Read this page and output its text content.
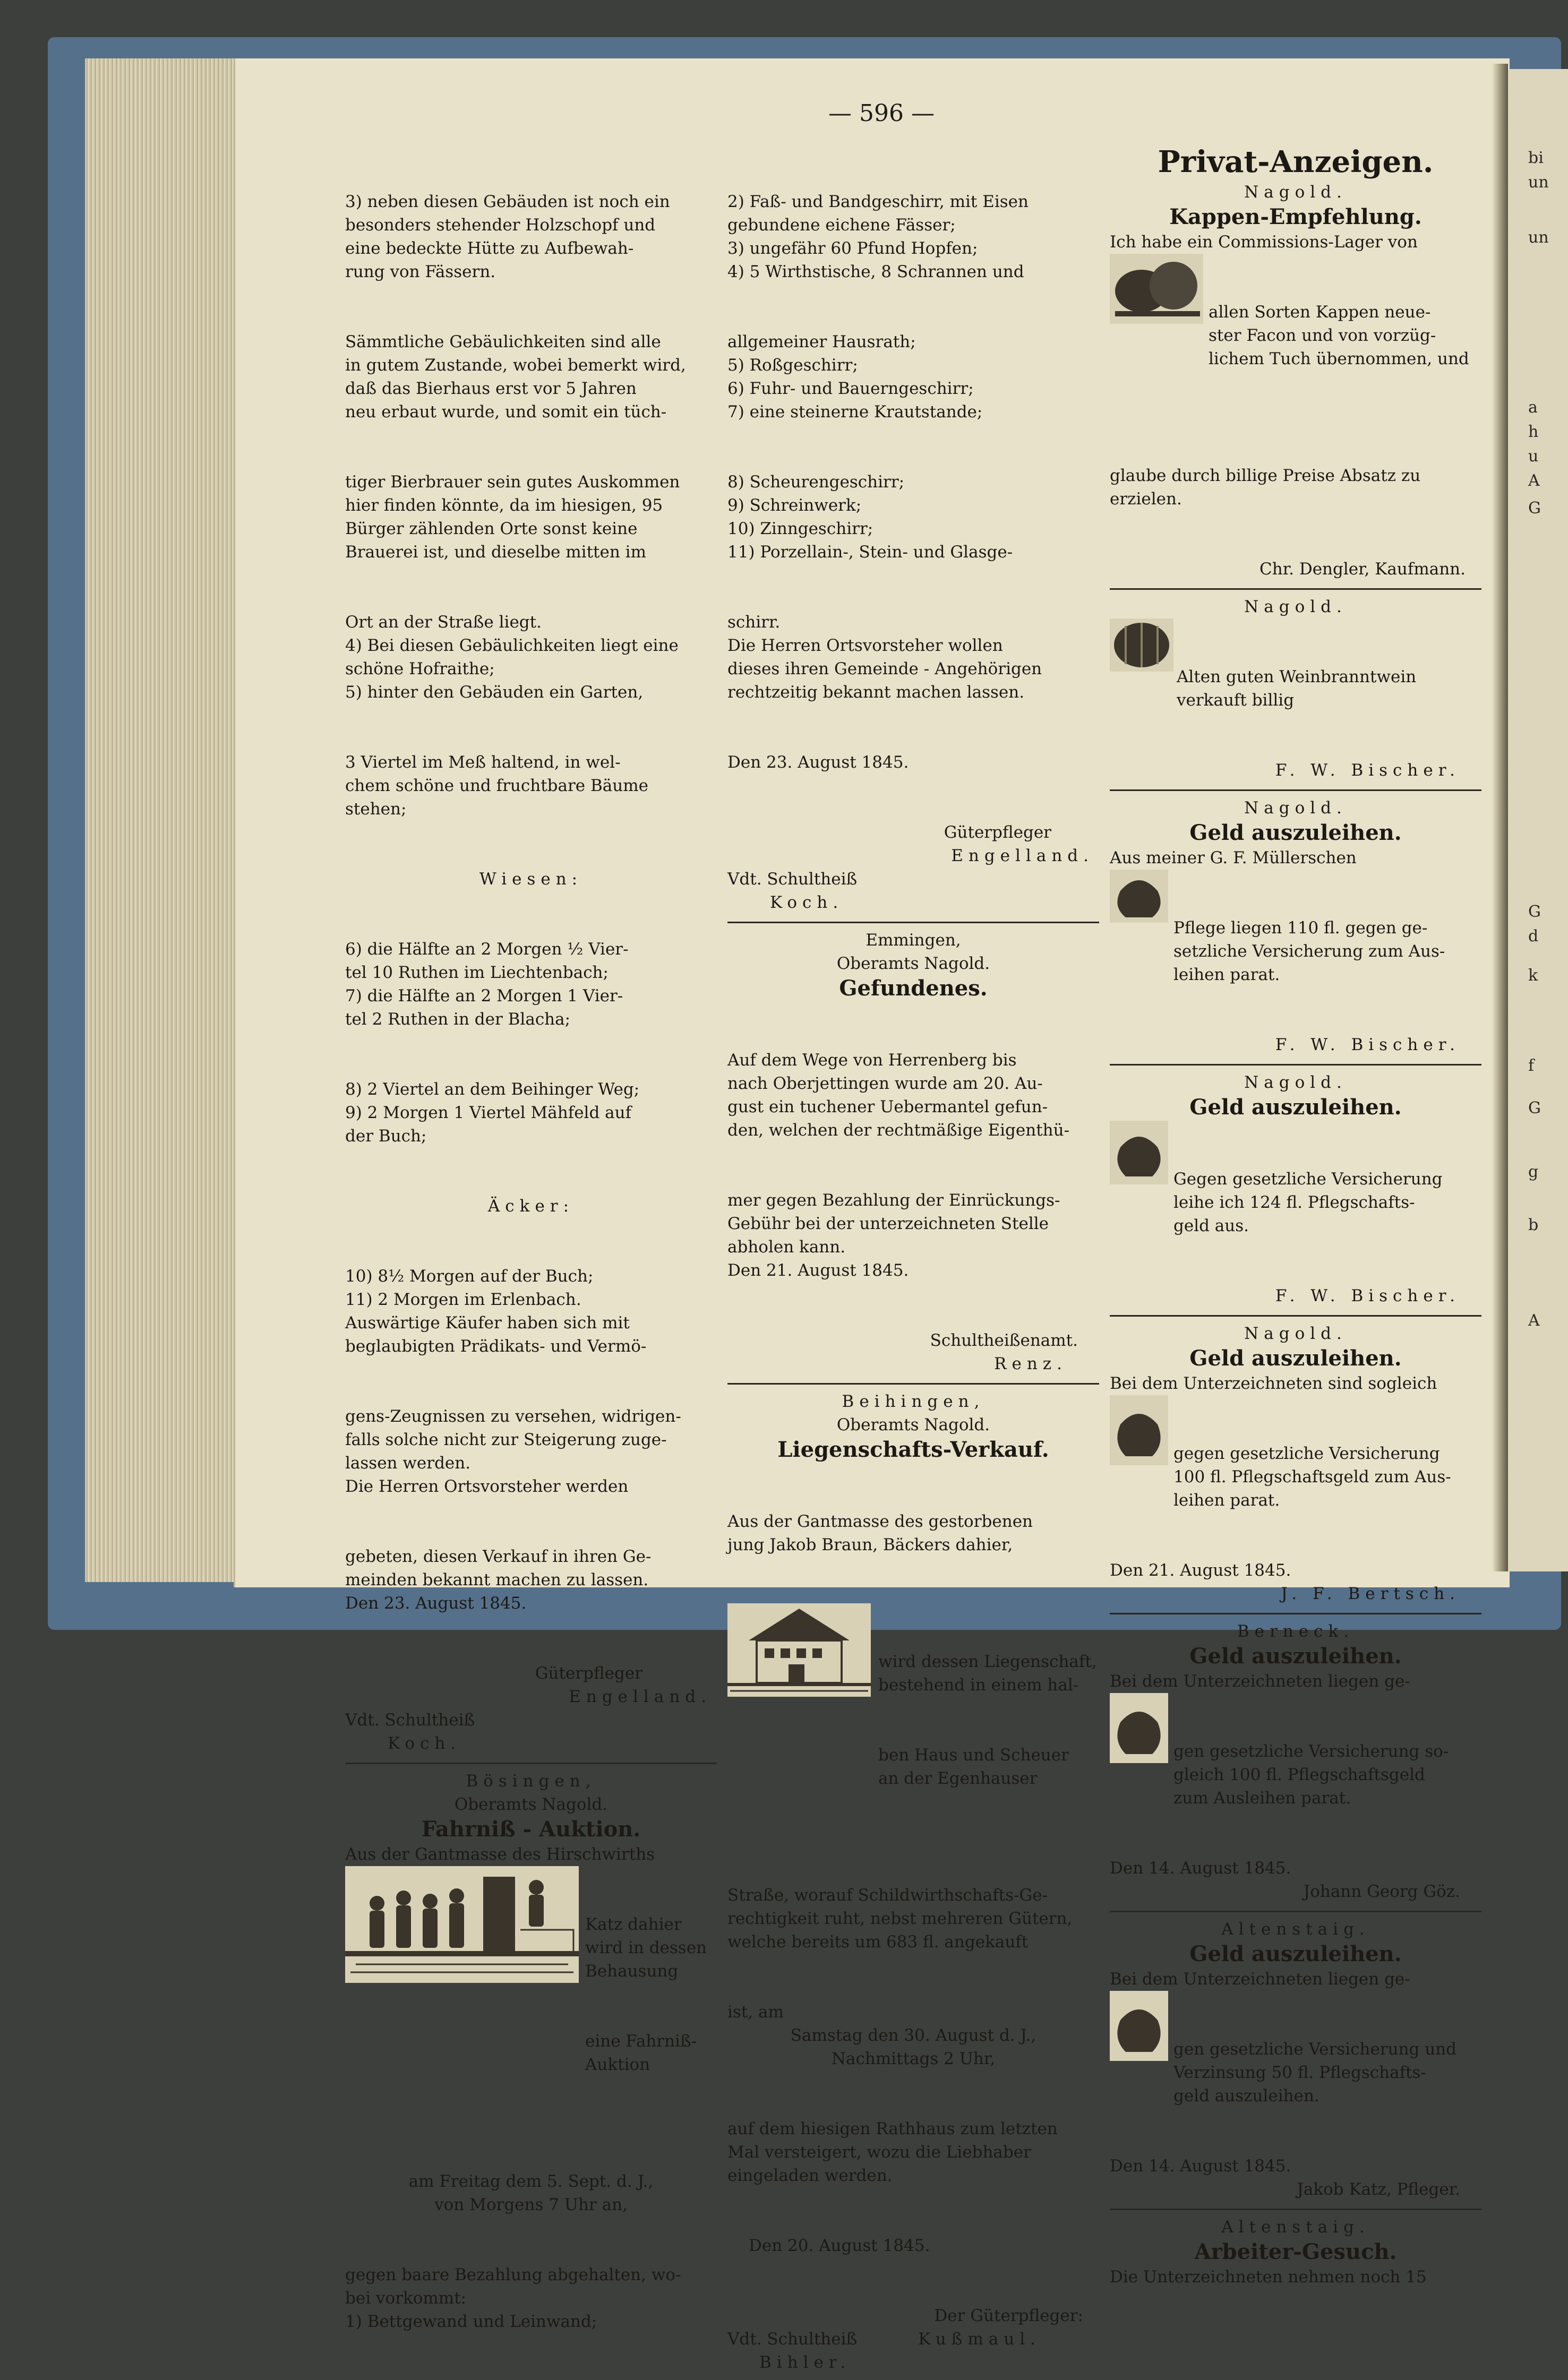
bi
un
un
a
h
u
A
G
G
d
k
f
G
g
b
A
— 596 —

3) neben diesen Gebäuden ist noch ein
besonders stehender Holzschopf und
eine bedeckte Hütte zu Aufbewah-
rung von Fässern.

Sämmtliche Gebäulichkeiten sind alle
in gutem Zustande, wobei bemerkt wird,
daß das Bierhaus erst vor 5 Jahren
neu erbaut wurde, und somit ein tüch-

tiger Bierbrauer sein gutes Auskommen
hier finden könnte, da im hiesigen, 95
Bürger zählenden Orte sonst keine
Brauerei ist, und dieselbe mitten im

Ort an der Straße liegt.
4) Bei diesen Gebäulichkeiten liegt eine
schöne Hofraithe;
5) hinter den Gebäuden ein Garten,

3 Viertel im Meß haltend, in wel-
chem schöne und fruchtbare Bäume
stehen;

Wiesen:

6) die Hälfte an 2 Morgen ½ Vier-
tel 10 Ruthen im Liechtenbach;
7) die Hälfte an 2 Morgen 1 Vier-
tel 2 Ruthen in der Blacha;

8) 2 Viertel an dem Beihinger Weg;
9) 2 Morgen 1 Viertel Mähfeld auf
der Buch;

Äcker:

10) 8½ Morgen auf der Buch;
11) 2 Morgen im Erlenbach.
Auswärtige Käufer haben sich mit
beglaubigten Prädikats- und Vermö-

gens-Zeugnissen zu versehen, widrigen-
falls solche nicht zur Steigerung zuge-
lassen werden.
Die Herren Ortsvorsteher werden

gebeten, diesen Verkauf in ihren Ge-
meinden bekannt machen zu lassen.
Den 23. August 1845.

Güterpfleger
Engelland.
Vdt. Schultheiß
Koch.
Bösingen,
Oberamts Nagold.
Fahrniß - Auktion.
Aus der Gantmasse des Hirschwirths

Katz dahier
wird in dessen
Behausung

eine Fahrniß-
Auktion

am Freitag dem 5. Sept. d. J.,
von Morgens 7 Uhr an,

gegen baare Bezahlung abgehalten, wo-
bei vorkommt:
1) Bettgewand und Leinwand;

2) Faß- und Bandgeschirr, mit Eisen
gebundene eichene Fässer;
3) ungefähr 60 Pfund Hopfen;
4) 5 Wirthstische, 8 Schrannen und

allgemeiner Hausrath;
5) Roßgeschirr;
6) Fuhr- und Bauerngeschirr;
7) eine steinerne Krautstande;

8) Scheurengeschirr;
9) Schreinwerk;
10) Zinngeschirr;
11) Porzellain-, Stein- und Glasge-

schirr.
Die Herren Ortsvorsteher wollen
dieses ihren Gemeinde - Angehörigen
rechtzeitig bekannt machen lassen.

Den 23. August 1845.

Güterpfleger
Engelland.
Vdt. Schultheiß
Koch.
Emmingen,
Oberamts Nagold.
Gefundenes.

Auf dem Wege von Herrenberg bis
nach Oberjettingen wurde am 20. Au-
gust ein tuchener Uebermantel gefun-
den, welchen der rechtmäßige Eigenthü-

mer gegen Bezahlung der Einrückungs-
Gebühr bei der unterzeichneten Stelle
abholen kann.
Den 21. August 1845.

Schultheißenamt.
Renz.
Beihingen,
Oberamts Nagold.
Liegenschafts-Verkauf.

Aus der Gantmasse des gestorbenen
jung Jakob Braun, Bäckers dahier,

wird dessen Liegenschaft,
bestehend in einem hal-

ben Haus und Scheuer
an der Egenhauser

Straße, worauf Schildwirthschafts-Ge-
rechtigkeit ruht, nebst mehreren Gütern,
welche bereits um 683 fl. angekauft

ist, am
Samstag den 30. August d. J.,
Nachmittags 2 Uhr,

auf dem hiesigen Rathhaus zum letzten
Mal versteigert, wozu die Liebhaber
eingeladen werden.

Den 20. August 1845.

Der Güterpfleger:
Vdt. Schultheiß	Kußmaul.
Bihler.
Privat-Anzeigen.
Nagold.
Kappen-Empfehlung.
Ich habe ein Commissions-Lager von

allen Sorten Kappen neue-
ster Facon und von vorzüg-
lichem Tuch übernommen, und

glaube durch billige Preise Absatz zu
erzielen.

Chr. Dengler, Kaufmann.
Nagold.

Alten guten Weinbranntwein
verkauft billig

F. W. Bischer.
Nagold.
Geld auszuleihen.
Aus meiner G. F. Müllerschen

Pflege liegen 110 fl. gegen ge-
setzliche Versicherung zum Aus-
leihen parat.

F. W. Bischer.
Nagold.
Geld auszuleihen.

Gegen gesetzliche Versicherung
leihe ich 124 fl. Pflegschafts-
geld aus.

F. W. Bischer.
Nagold.
Geld auszuleihen.
Bei dem Unterzeichneten sind sogleich

gegen gesetzliche Versicherung
100 fl. Pflegschaftsgeld zum Aus-
leihen parat.

Den 21. August 1845.
J. F. Bertsch.
Berneck.
Geld auszuleihen.
Bei dem Unterzeichneten liegen ge-

gen gesetzliche Versicherung so-
gleich 100 fl. Pflegschaftsgeld
zum Ausleihen parat.

Den 14. August 1845.
Johann Georg Göz.
Altenstaig.
Geld auszuleihen.
Bei dem Unterzeichneten liegen ge-

gen gesetzliche Versicherung und
Verzinsung 50 fl. Pflegschafts-
geld auszuleihen.

Den 14. August 1845.
Jakob Katz, Pfleger.
Altenstaig.
Arbeiter-Gesuch.
Die Unterzeichneten nehmen noch 15
